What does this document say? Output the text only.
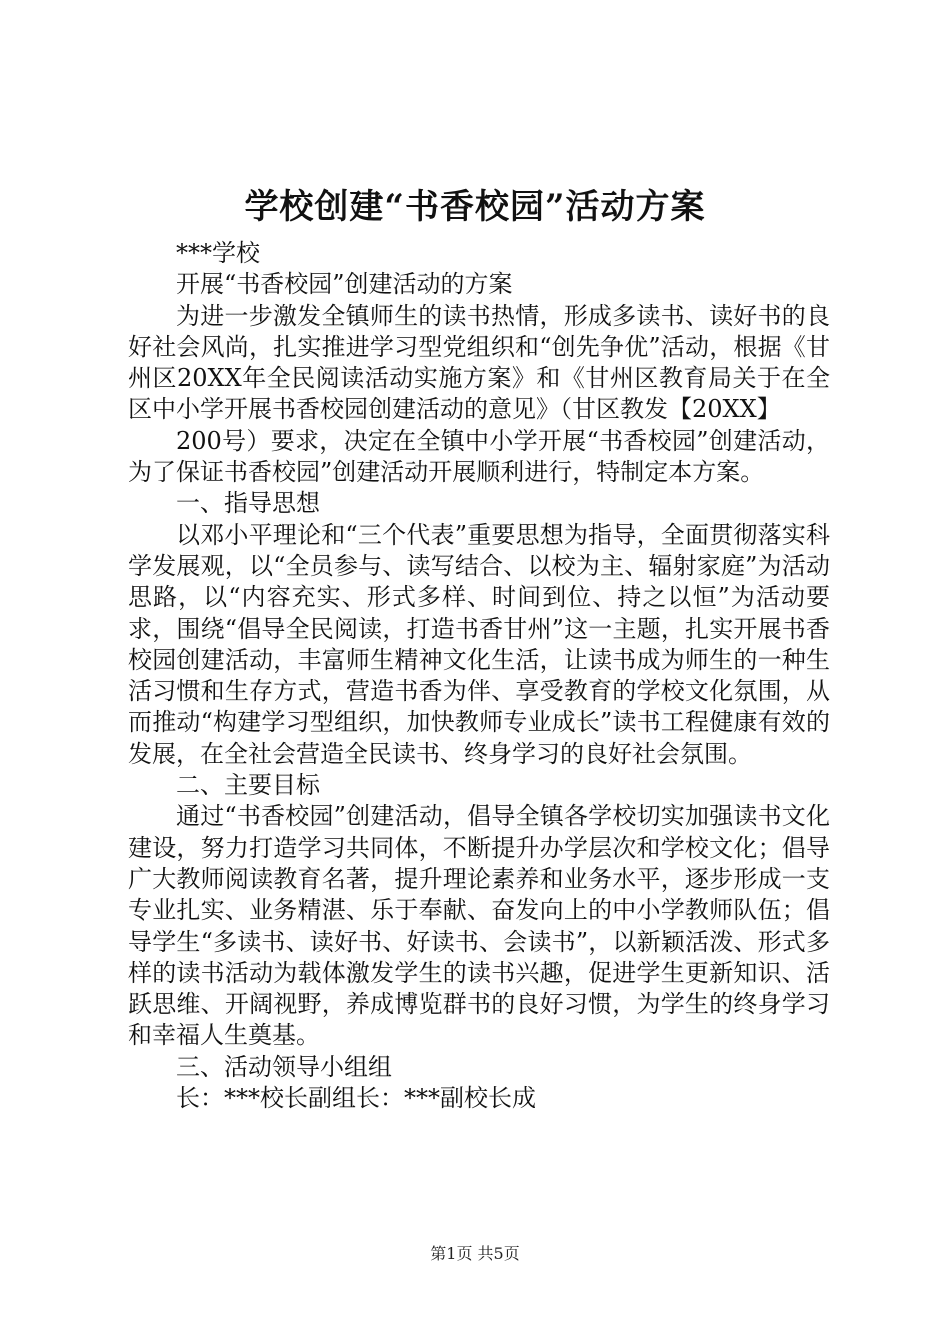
学校创建“书香校园”活动方案

***学校

开展“书香校园”创建活动的方案

为进一步激发全镇师生的读书热情，形成多读书、读好书的良好社会风尚，扎实推进学习型党组织和“创先争优”活动，根据《甘州区20XX年全民阅读活动实施方案》和《甘州区教育局关于在全区中小学开展书香校园创建活动的意见》（甘区教发【20XX】

200号）要求，决定在全镇中小学开展“书香校园”创建活动，为了保证书香校园”创建活动开展顺利进行，特制定本方案。

一、指导思想

以邓小平理论和“三个代表”重要思想为指导，全面贯彻落实科学发展观，以“全员参与、读写结合、以校为主、辐射家庭”为活动思路，以“内容充实、形式多样、时间到位、持之以恒”为活动要求，围绕“倡导全民阅读，打造书香甘州”这一主题，扎实开展书香校园创建活动，丰富师生精神文化生活，让读书成为师生的一种生活习惯和生存方式，营造书香为伴、享受教育的学校文化氛围，从而推动“构建学习型组织，加快教师专业成长”读书工程健康有效的发展，在全社会营造全民读书、终身学习的良好社会氛围。

二、主要目标

通过“书香校园”创建活动，倡导全镇各学校切实加强读书文化建设，努力打造学习共同体，不断提升办学层次和学校文化；倡导广大教师阅读教育名著，提升理论素养和业务水平，逐步形成一支专业扎实、业务精湛、乐于奉献、奋发向上的中小学教师队伍；倡导学生“多读书、读好书、好读书、会读书”，以新颖活泼、形式多样的读书活动为载体激发学生的读书兴趣，促进学生更新知识、活跃思维、开阔视野，养成博览群书的良好习惯，为学生的终身学习和幸福人生奠基。

三、活动领导小组组

长：***校长副组长：***副校长成

第1页 共5页
